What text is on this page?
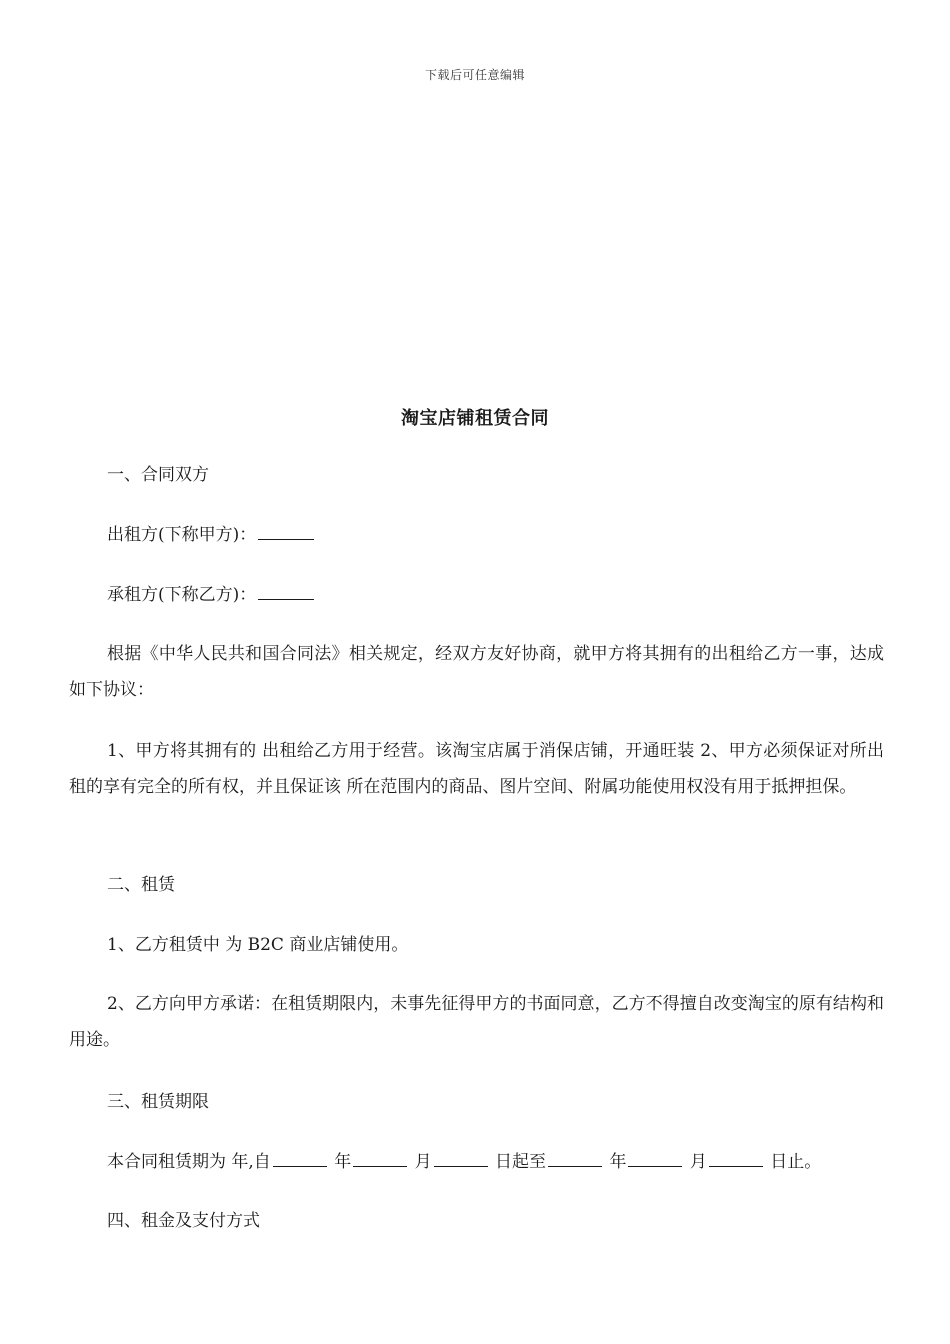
下载后可任意编辑
淘宝店铺租赁合同
一、合同双方
出租方(下称甲方)：
承租方(下称乙方)：
根据《中华人民共和国合同法》相关规定，经双方友好协商，就甲方将其拥有的出租给乙方一事，达成如下协议：
1、甲方将其拥有的 出租给乙方用于经营。该淘宝店属于消保店铺，开通旺装 2、甲方必须保证对所出租的享有完全的所有权，并且保证该 所在范围内的商品、图片空间、附属功能使用权没有用于抵押担保。
二、租赁
1、乙方租赁中 为 B2C 商业店铺使用。
2、乙方向甲方承诺：在租赁期限内，未事先征得甲方的书面同意，乙方不得擅自改变淘宝的原有结构和用途。
三、租赁期限
本合同租赁期为 年,自	年	月	日起至	年	月	日止。
四、租金及支付方式
